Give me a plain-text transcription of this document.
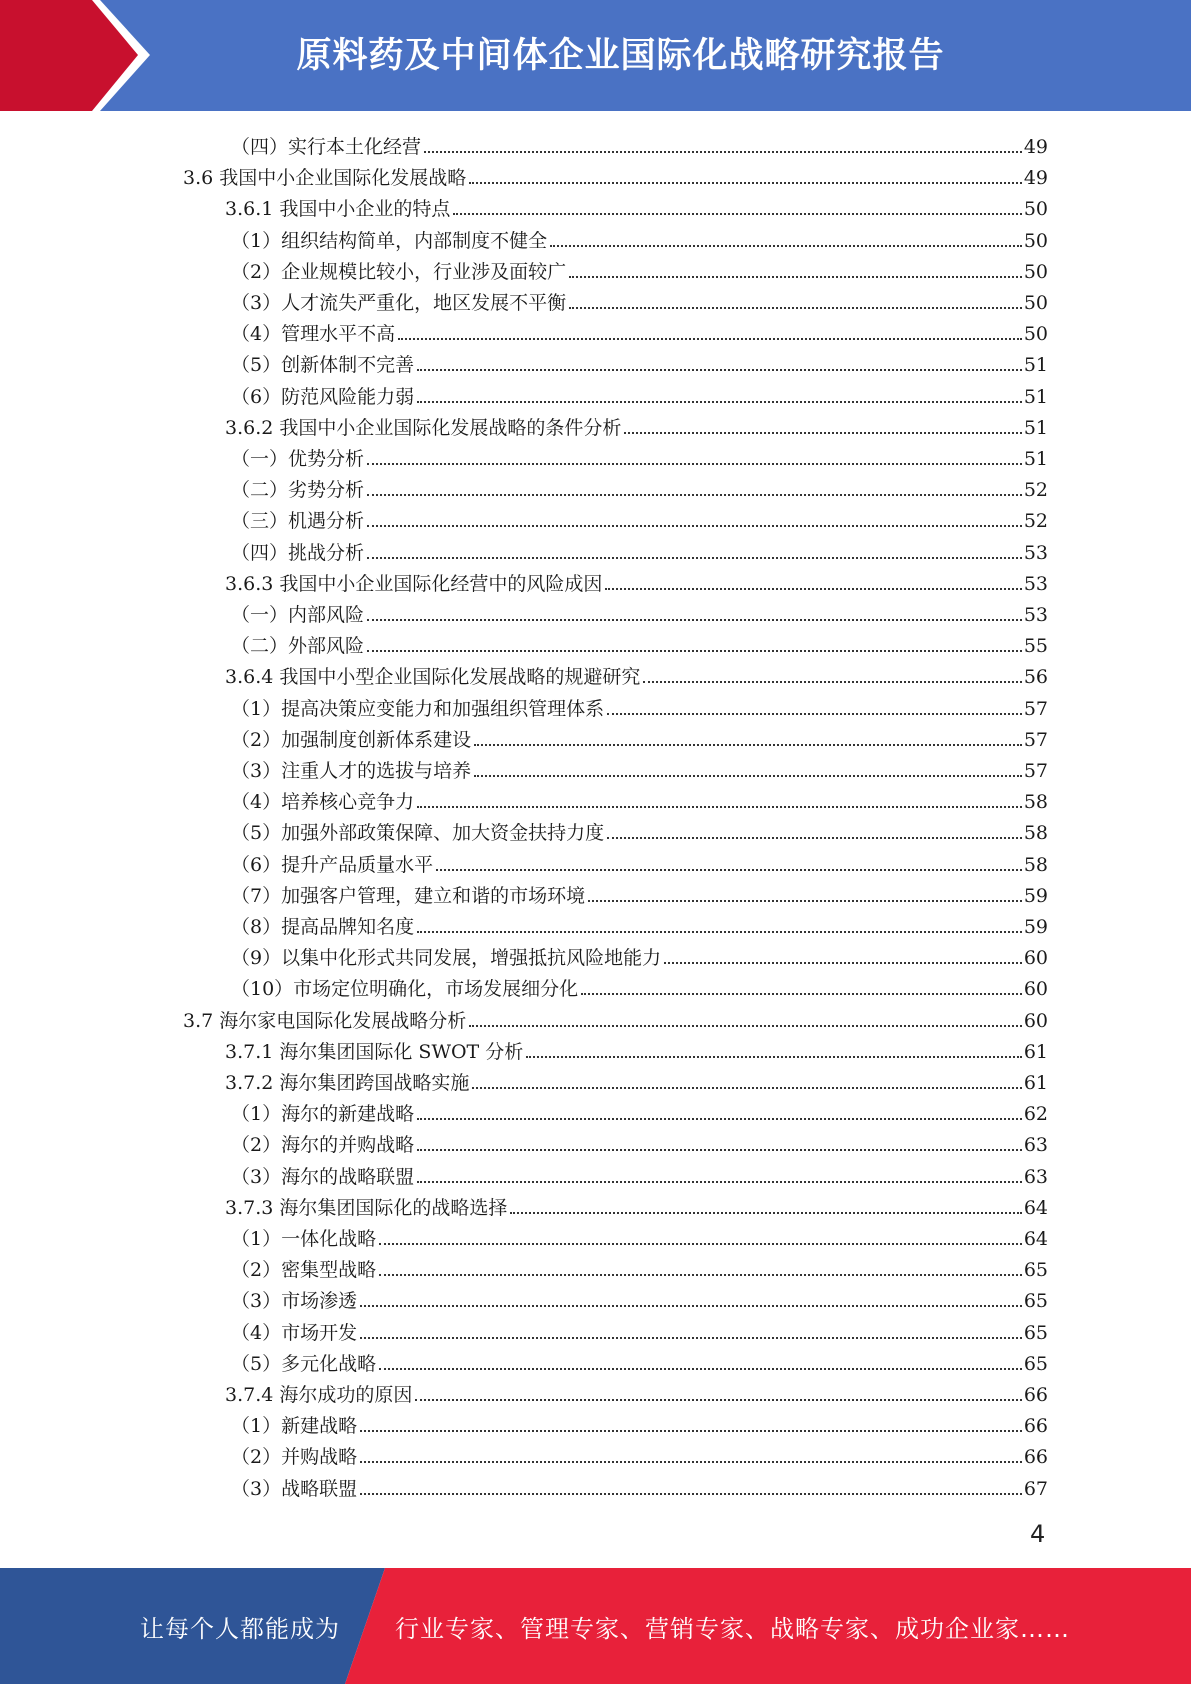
原料药及中间体企业国际化战略研究报告
（四）实行本土化经营	49
3.6 我国中小企业国际化发展战略	49
3.6.1 我国中小企业的特点	50
（1）组织结构简单，内部制度不健全	50
（2）企业规模比较小，行业涉及面较广	50
（3）人才流失严重化，地区发展不平衡	50
（4）管理水平不高	50
（5）创新体制不完善	51
（6）防范风险能力弱	51
3.6.2 我国中小企业国际化发展战略的条件分析	51
（一）优势分析	51
（二）劣势分析	52
（三）机遇分析	52
（四）挑战分析	53
3.6.3 我国中小企业国际化经营中的风险成因	53
（一）内部风险	53
（二）外部风险	55
3.6.4 我国中小型企业国际化发展战略的规避研究	56
（1）提高决策应变能力和加强组织管理体系	57
（2）加强制度创新体系建设	57
（3）注重人才的选拔与培养	57
（4）培养核心竞争力	58
（5）加强外部政策保障、加大资金扶持力度	58
（6）提升产品质量水平	58
（7）加强客户管理，建立和谐的市场环境	59
（8）提高品牌知名度	59
（9）以集中化形式共同发展，增强抵抗风险地能力	60
（10）市场定位明确化，市场发展细分化	60
3.7 海尔家电国际化发展战略分析	60
3.7.1 海尔集团国际化 SWOT 分析	61
3.7.2 海尔集团跨国战略实施	61
（1）海尔的新建战略	62
（2）海尔的并购战略	63
（3）海尔的战略联盟	63
3.7.3 海尔集团国际化的战略选择	64
（1）一体化战略	64
（2）密集型战略	65
（3）市场渗透	65
（4）市场开发	65
（5）多元化战略	65
3.7.4 海尔成功的原因	66
（1）新建战略	66
（2）并购战略	66
（3）战略联盟	67
4
让每个人都能成为 行业专家、管理专家、营销专家、战略专家、成功企业家……
